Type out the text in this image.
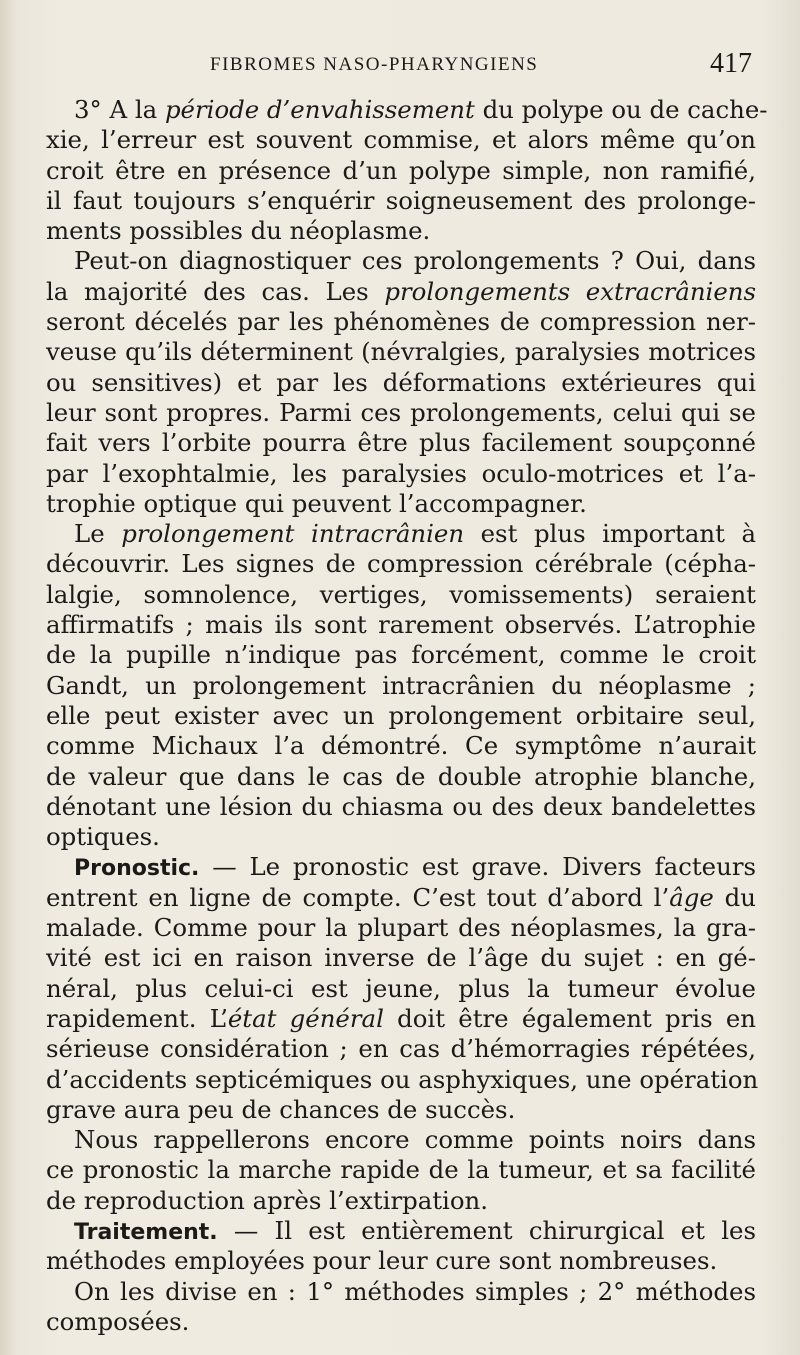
FIBROMES NASO-PHARYNGIENS	417
3° A la période d’envahissement du polype ou de cache-
xie, l’erreur est souvent commise, et alors même qu’on
croit être en présence d’un polype simple, non ramifié,
il faut toujours s’enquérir soigneusement des prolonge-
ments possibles du néoplasme.
Peut-on diagnostiquer ces prolongements ? Oui, dans
la majorité des cas. Les prolongements extracrâniens
seront décelés par les phénomènes de compression ner-
veuse qu’ils déterminent (névralgies, paralysies motrices
ou sensitives) et par les déformations extérieures qui
leur sont propres. Parmi ces prolongements, celui qui se
fait vers l’orbite pourra être plus facilement soupçonné
par l’exophtalmie, les paralysies oculo-motrices et l’a-
trophie optique qui peuvent l’accompagner.
Le prolongement intracrânien est plus important à
découvrir. Les signes de compression cérébrale (cépha-
lalgie, somnolence, vertiges, vomissements) seraient
affirmatifs ; mais ils sont rarement observés. L’atrophie
de la pupille n’indique pas forcément, comme le croit
Gandt, un prolongement intracrânien du néoplasme ;
elle peut exister avec un prolongement orbitaire seul,
comme Michaux l’a démontré. Ce symptôme n’aurait
de valeur que dans le cas de double atrophie blanche,
dénotant une lésion du chiasma ou des deux bandelettes
optiques.
Pronostic. — Le pronostic est grave. Divers facteurs
entrent en ligne de compte. C’est tout d’abord l’âge du
malade. Comme pour la plupart des néoplasmes, la gra-
vité est ici en raison inverse de l’âge du sujet : en gé-
néral, plus celui-ci est jeune, plus la tumeur évolue
rapidement. L’état général doit être également pris en
sérieuse considération ; en cas d’hémorragies répétées,
d’accidents septicémiques ou asphyxiques, une opération
grave aura peu de chances de succès.
Nous rappellerons encore comme points noirs dans
ce pronostic la marche rapide de la tumeur, et sa facilité
de reproduction après l’extirpation.
Traitement. — Il est entièrement chirurgical et les
méthodes employées pour leur cure sont nombreuses.
On les divise en : 1° méthodes simples ; 2° méthodes
composées.
